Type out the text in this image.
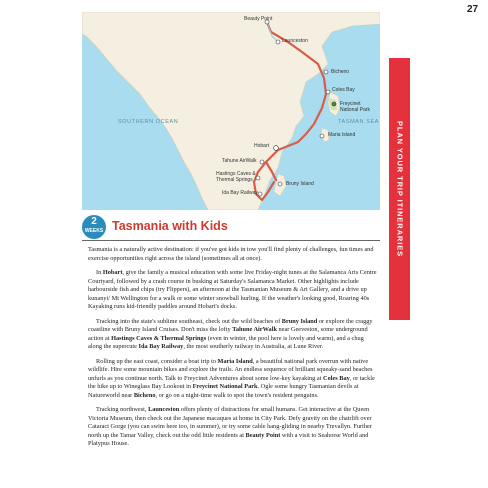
27
PLAN YOUR TRIP ITINERARIES
SOUTHERN OCEAN	TASMAN SEA
Beauty Point
Launceston
Bicheno
Coles Bay
Freycinet National Park
Maria Island
Hobart
Tahune AirWalk
Hastings Caves & Thermal Springs
Ida Bay Railway
Bruny Island
2
WEEKS Tasmania with Kids

Tasmania is a naturally active destination: if you've got kids in tow you'll find plenty of challenges, fun times and exercise opportunities right across the island (sometimes all at once).

In Hobart, give the family a musical education with some live Friday-night tunes at the Salamanca Arts Centre Courtyard, followed by a crash course in busking at Saturday's Salamanca Market. Other highlights include harbourside fish and chips (try Flippers), an afternoon at the Tasmanian Museum & Art Gallery, and a drive up kunanyi/ Mt Wellington for a walk or some winter snowball hurling. If the weather's looking good, Roaring 40s Kayaking runs kid-friendly paddles around Hobart's docks.

Tracking into the state's sublime southeast, check out the wild beaches of Bruny Island or explore the craggy coastline with Bruny Island Cruises. Don't miss the lofty Tahune AirWalk near Geeveston, some underground action at Hastings Caves & Thermal Springs (even in winter, the pool here is lovely and warm), and a chug along the supercute Ida Bay Railway, the most southerly railway in Australia, at Lune River.

Rolling up the east coast, consider a boat trip to Maria Island, a beautiful national park overrun with native wildlife. Hire some mountain bikes and explore the trails. An endless sequence of brilliant squeaky-sand beaches unfurls as you continue north. Talk to Freycinet Adventures about some low-key kayaking at Coles Bay, or tackle the hike up to Wineglass Bay Lookout in Freycinet National Park. Ogle some hungry Tasmanian devils at Natureworld near Bicheno, or go on a night-time walk to spot the town's resident penguins.

Tracking northwest, Launceston offers plenty of distractions for small humans. Get interactive at the Queen Victoria Museum, then check out the Japanese macaques at home in City Park. Defy gravity on the chairlift over Cataract Gorge (you can swim here too, in summer), or try some cable hang-gliding in nearby Trevallyn. Further north up the Tamar Valley, check out the odd little residents at Beauty Point with a visit to Seahorse World and Platypus House.
